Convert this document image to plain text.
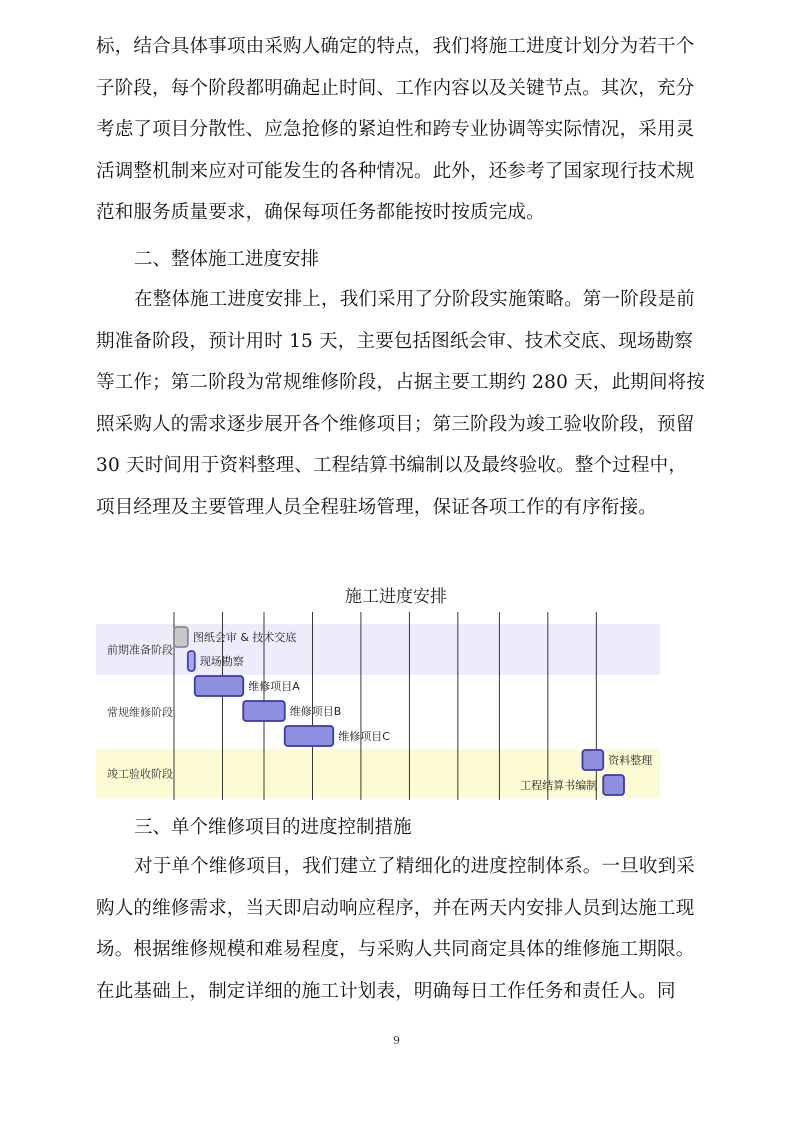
标，结合具体事项由采购人确定的特点，我们将施工进度计划分为若干个
子阶段，每个阶段都明确起止时间、工作内容以及关键节点。其次，充分
考虑了项目分散性、应急抢修的紧迫性和跨专业协调等实际情况，采用灵
活调整机制来应对可能发生的各种情况。此外，还参考了国家现行技术规
范和服务质量要求，确保每项任务都能按时按质完成。
二、整体施工进度安排
在整体施工进度安排上，我们采用了分阶段实施策略。第一阶段是前
期准备阶段，预计用时 15 天，主要包括图纸会审、技术交底、现场勘察
等工作；第二阶段为常规维修阶段，占据主要工期约 280 天，此期间将按
照采购人的需求逐步展开各个维修项目；第三阶段为竣工验收阶段，预留
30 天时间用于资料整理、工程结算书编制以及最终验收。整个过程中，
项目经理及主要管理人员全程驻场管理，保证各项工作的有序衔接。
施工进度安排
前期准备阶段
常规维修阶段
竣工验收阶段
图纸会审 & 技术交底
现场勘察
维修项目A
维修项目B
维修项目C
资料整理
工程结算书编制
三、单个维修项目的进度控制措施
对于单个维修项目，我们建立了精细化的进度控制体系。一旦收到采
购人的维修需求，当天即启动响应程序，并在两天内安排人员到达施工现
场。根据维修规模和难易程度，与采购人共同商定具体的维修施工期限。
在此基础上，制定详细的施工计划表，明确每日工作任务和责任人。同
9
